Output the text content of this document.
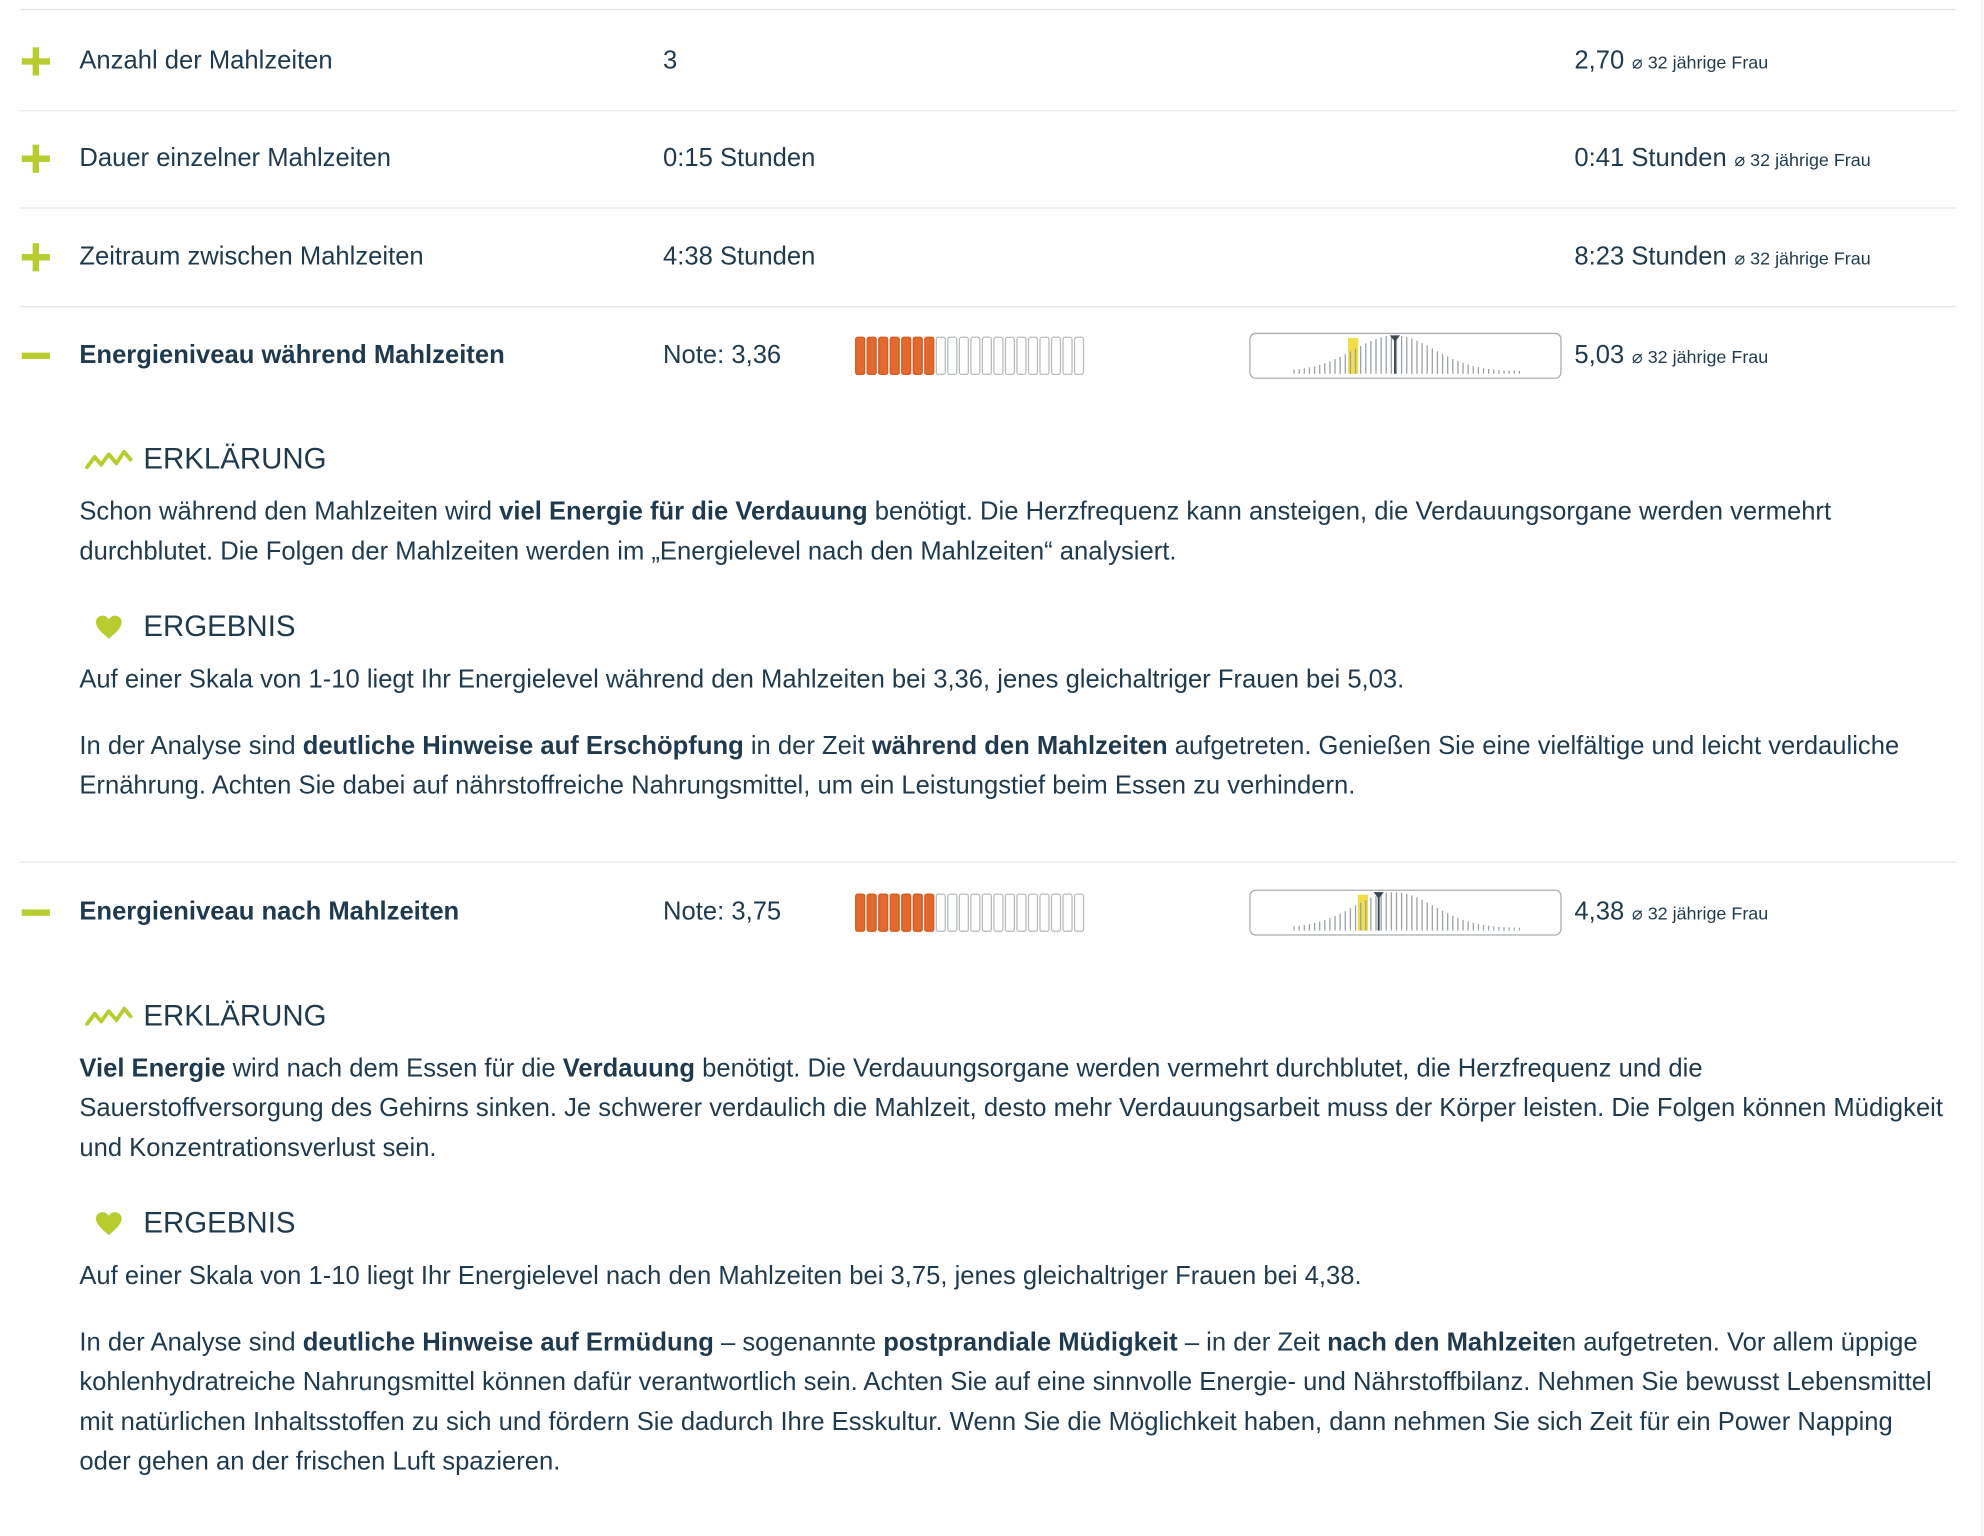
Anzahl der Mahlzeiten	3	2,70 ⌀ 32 jährige Frau
Dauer einzelner Mahlzeiten	0:15 Stunden	0:41 Stunden ⌀ 32 jährige Frau
Zeitraum zwischen Mahlzeiten	4:38 Stunden	8:23 Stunden ⌀ 32 jährige Frau
Energieniveau während Mahlzeiten	Note: 3,36	5,03 ⌀ 32 jährige Frau
ERKLÄRUNG
Schon während den Mahlzeiten wird viel Energie für die Verdauung benötigt. Die Herzfrequenz kann ansteigen, die Verdauungsorgane werden vermehrt durchblutet. Die Folgen der Mahlzeiten werden im „Energielevel nach den Mahlzeiten“ analysiert.
ERGEBNIS
Auf einer Skala von 1-10 liegt Ihr Energielevel während den Mahlzeiten bei 3,36, jenes gleichaltriger Frauen bei 5,03.
In der Analyse sind deutliche Hinweise auf Erschöpfung in der Zeit während den Mahlzeiten aufgetreten. Genießen Sie eine vielfältige und leicht verdauliche Ernährung. Achten Sie dabei auf nährstoffreiche Nahrungsmittel, um ein Leistungstief beim Essen zu verhindern.
Energieniveau nach Mahlzeiten	Note: 3,75	4,38 ⌀ 32 jährige Frau
ERKLÄRUNG
Viel Energie wird nach dem Essen für die Verdauung benötigt. Die Verdauungsorgane werden vermehrt durchblutet, die Herzfrequenz und die Sauerstoffversorgung des Gehirns sinken. Je schwerer verdaulich die Mahlzeit, desto mehr Verdauungsarbeit muss der Körper leisten. Die Folgen können Müdigkeit und Konzentrationsverlust sein.
ERGEBNIS
Auf einer Skala von 1-10 liegt Ihr Energielevel nach den Mahlzeiten bei 3,75, jenes gleichaltriger Frauen bei 4,38.
In der Analyse sind deutliche Hinweise auf Ermüdung – sogenannte postprandiale Müdigkeit – in der Zeit nach den Mahlzeiten aufgetreten. Vor allem üppige kohlenhydratreiche Nahrungsmittel können dafür verantwortlich sein. Achten Sie auf eine sinnvolle Energie- und Nährstoffbilanz. Nehmen Sie bewusst Lebensmittel mit natürlichen Inhaltsstoffen zu sich und fördern Sie dadurch Ihre Esskultur. Wenn Sie die Möglichkeit haben, dann nehmen Sie sich Zeit für ein Power Napping oder gehen an der frischen Luft spazieren.
